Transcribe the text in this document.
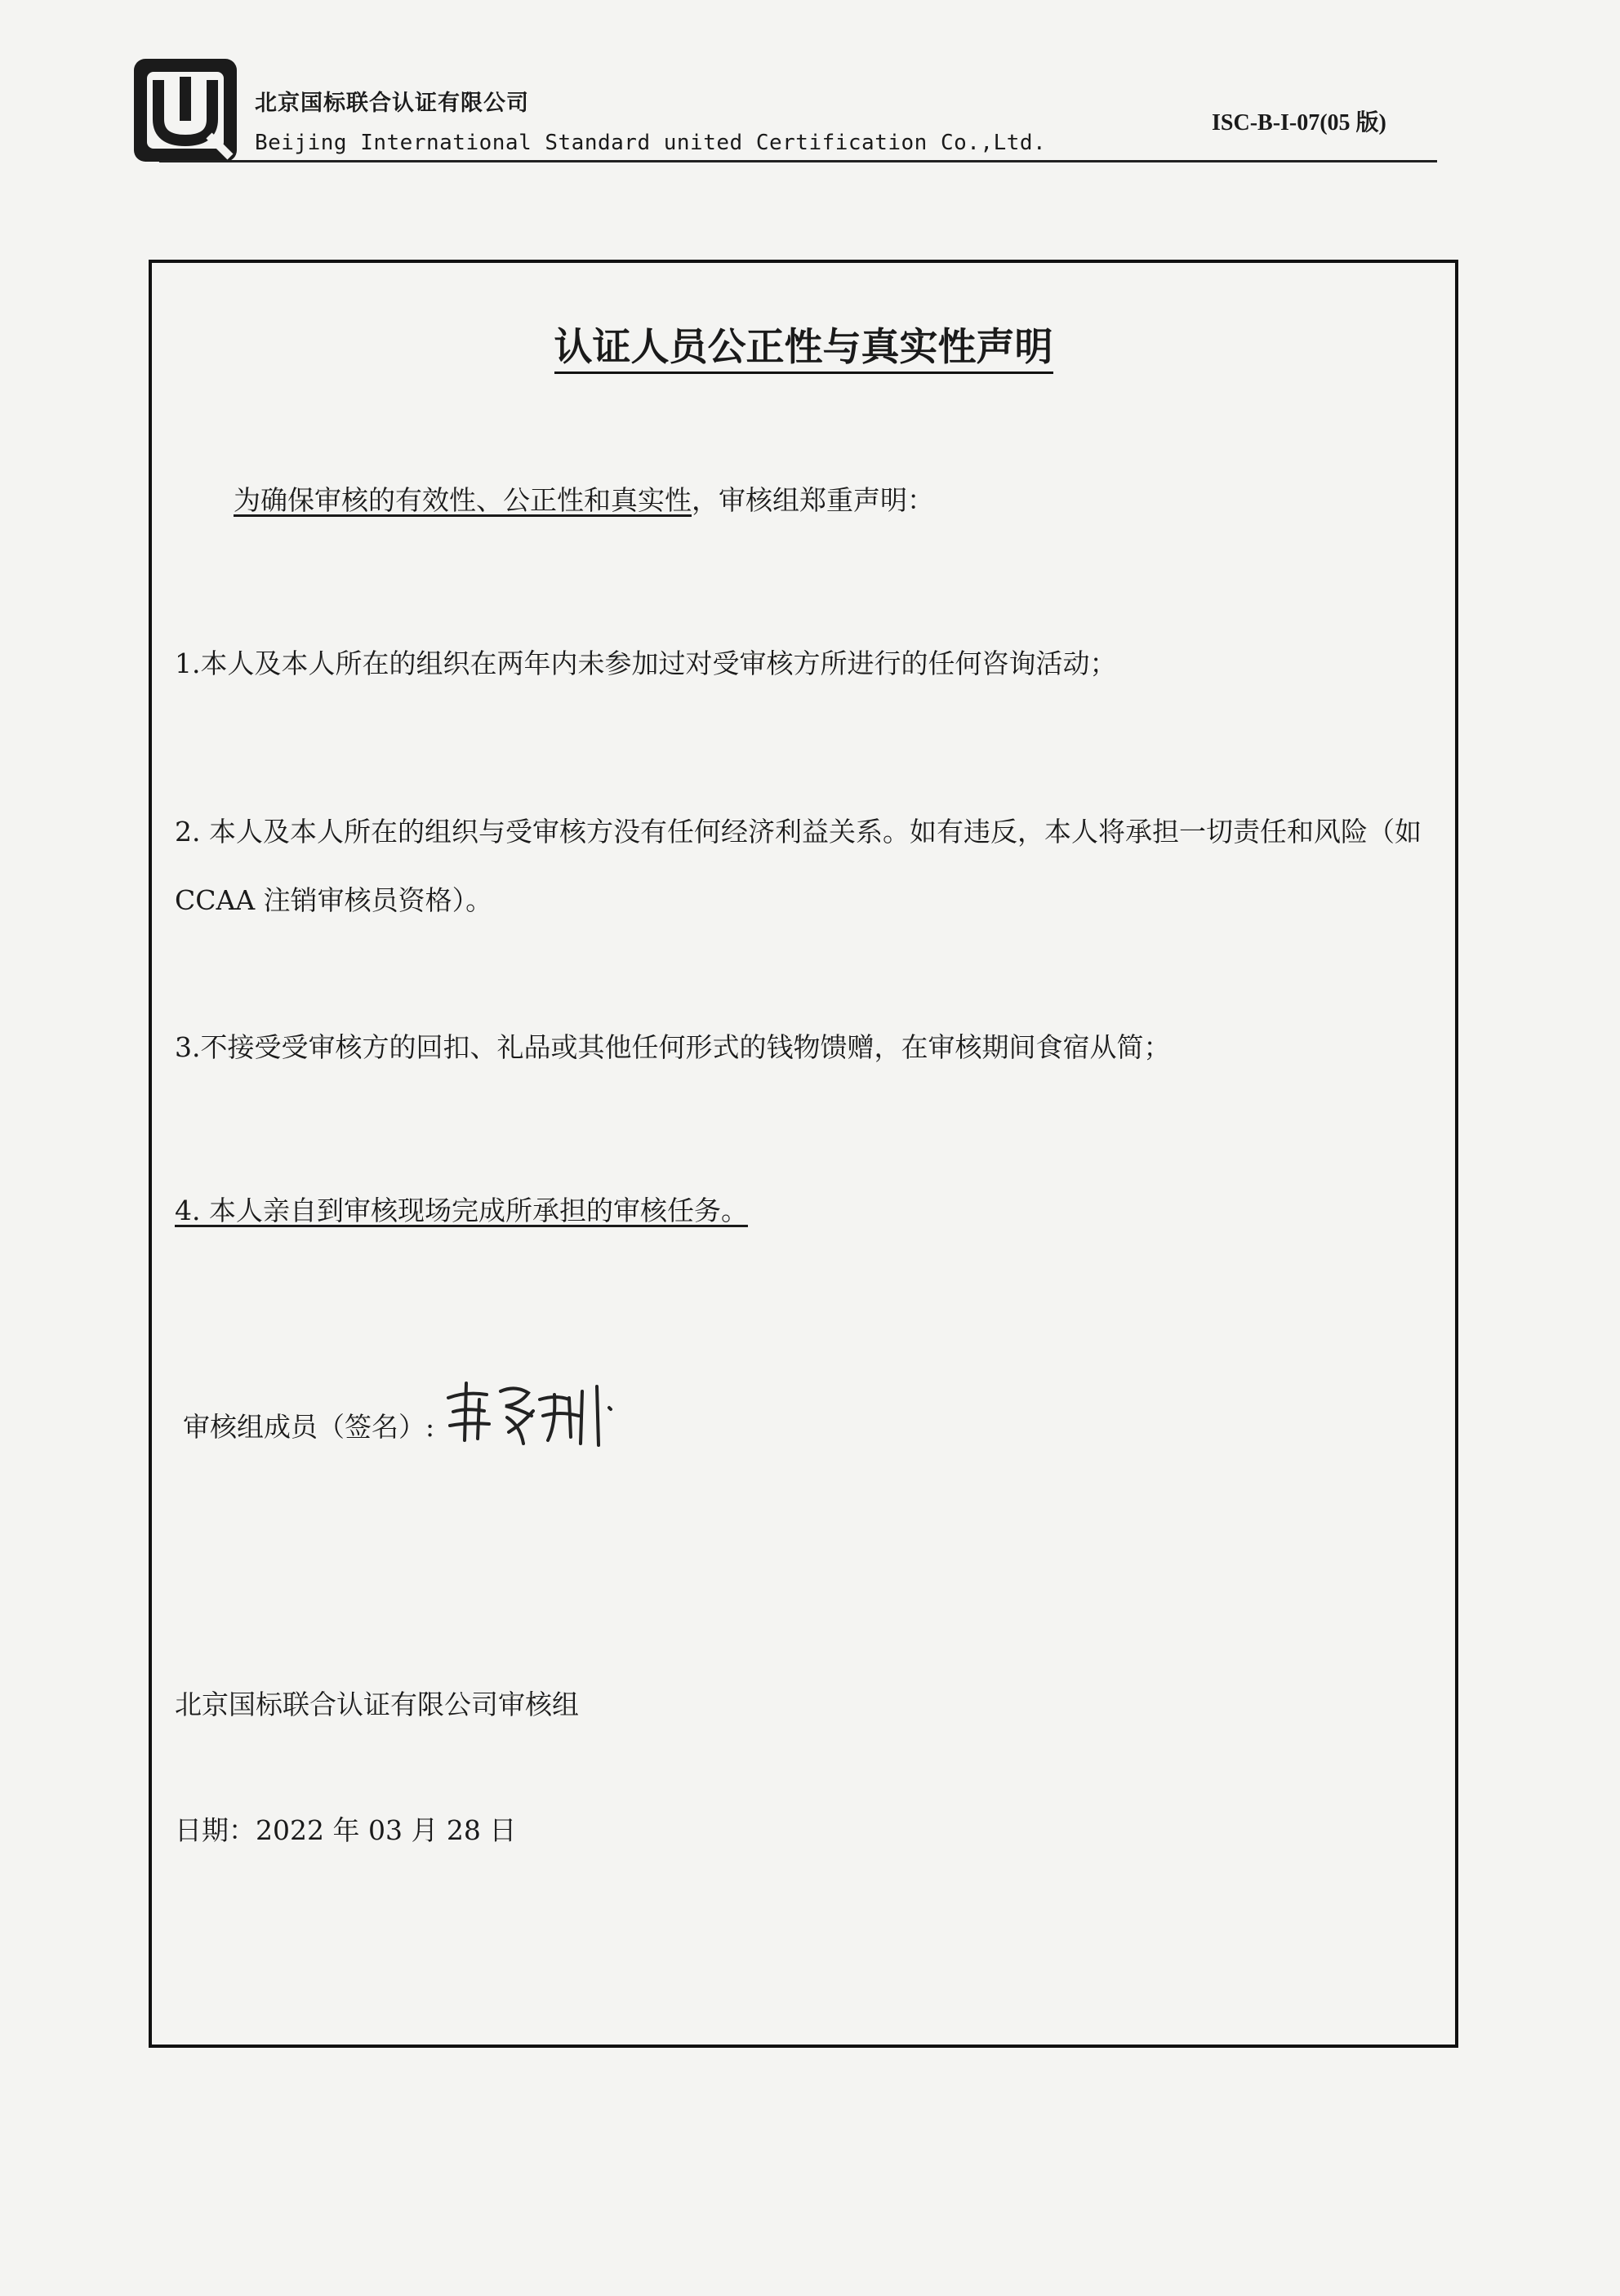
北京国标联合认证有限公司
Beijing International Standard united Certification Co.,Ltd.
ISC-B-I-07(05 版)
认证人员公正性与真实性声明
为确保审核的有效性、公正性和真实性，审核组郑重声明：
1.本人及本人所在的组织在两年内未参加过对受审核方所进行的任何咨询活动；
2. 本人及本人所在的组织与受审核方没有任何经济利益关系。如有违反，本人将承担一切责任和风险（如 CCAA 注销审核员资格）。
3.不接受受审核方的回扣、礼品或其他任何形式的钱物馈赠，在审核期间食宿从简；
4. 本人亲自到审核现场完成所承担的审核任务。
审核组成员（签名）:
北京国标联合认证有限公司审核组
日期：2022 年 03 月 28 日
